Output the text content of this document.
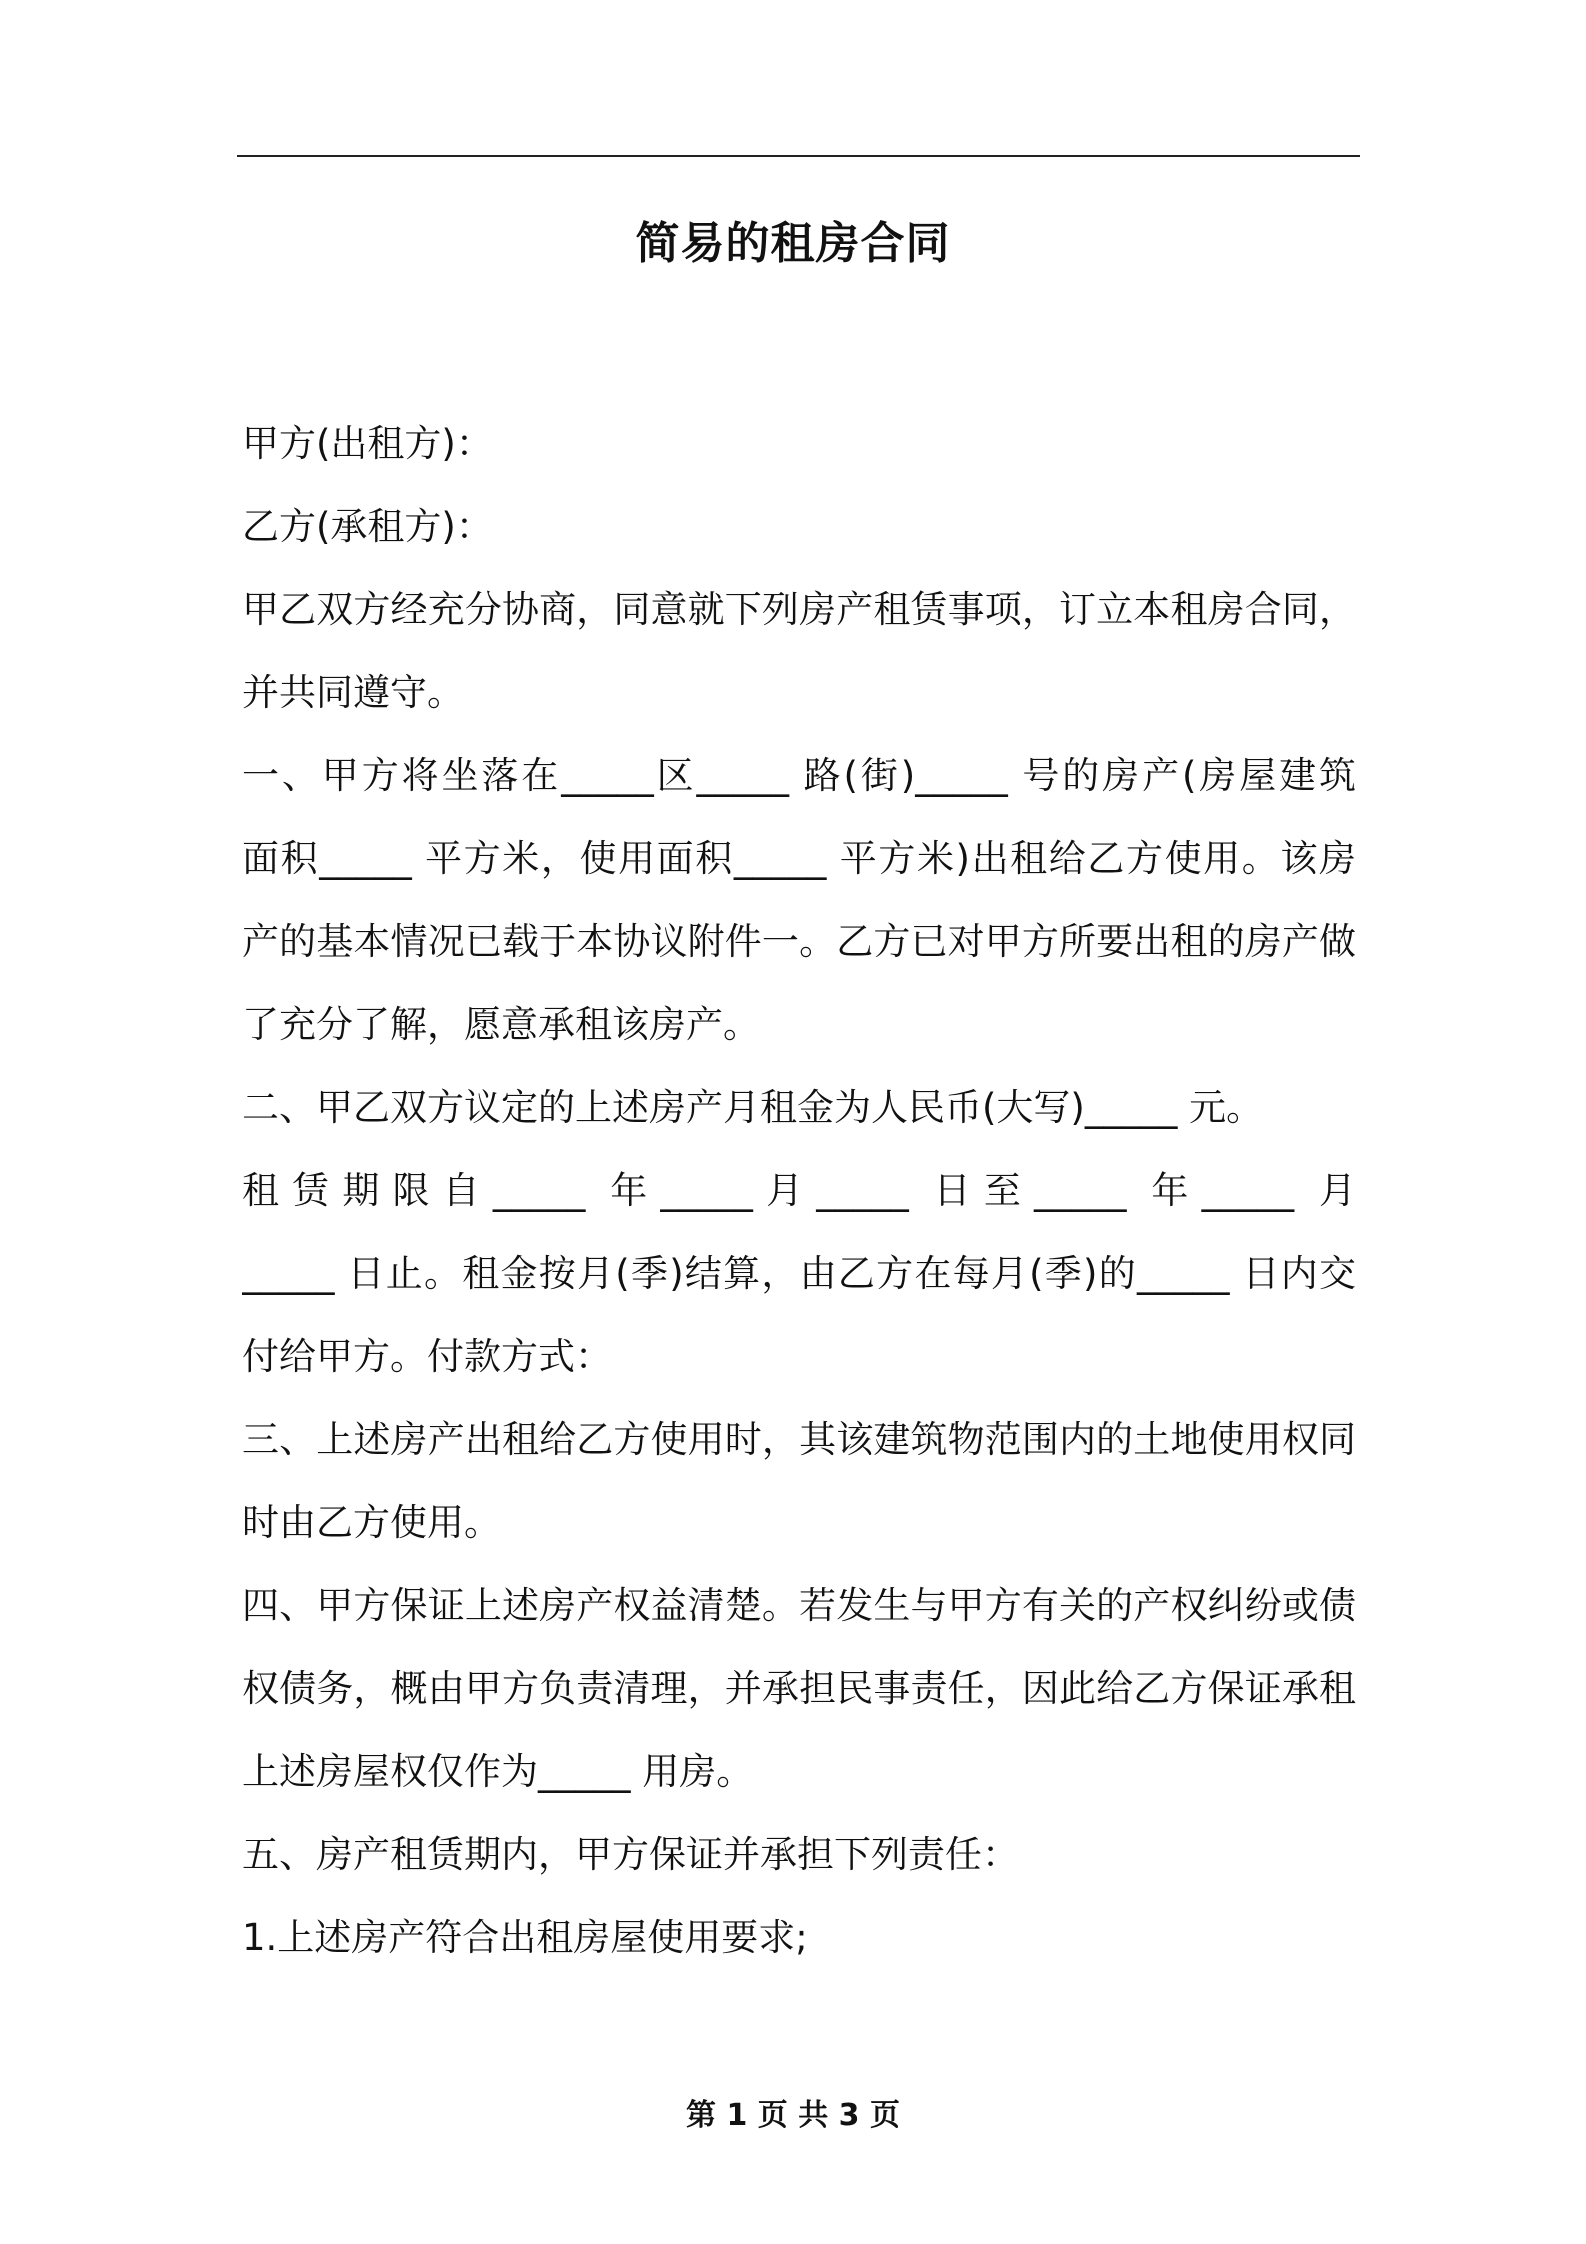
简易的租房合同
甲方(出租方)：
乙方(承租方)：
甲乙双方经充分协商，同意就下列房产租赁事项，订立本租房合同，
并共同遵守。
一、甲方将坐落在_____区_____ 路(街)_____ 号的房产(房屋建筑
面积_____ 平方米，使用面积_____ 平方米)出租给乙方使用。该房
产的基本情况已载于本协议附件一。乙方已对甲方所要出租的房产做
了充分了解，愿意承租该房产。
二、甲乙双方议定的上述房产月租金为人民币(大写)_____ 元。
租赁期限自_____ 年_____月_____ 日至_____ 年_____ 月
_____ 日止。租金按月(季)结算，由乙方在每月(季)的_____ 日内交
付给甲方。付款方式：
三、上述房产出租给乙方使用时，其该建筑物范围内的土地使用权同
时由乙方使用。
四、甲方保证上述房产权益清楚。若发生与甲方有关的产权纠纷或债
权债务，概由甲方负责清理，并承担民事责任，因此给乙方保证承租
上述房屋权仅作为_____ 用房。
五、房产租赁期内，甲方保证并承担下列责任：
1.上述房产符合出租房屋使用要求;
第 1 页 共 3 页
